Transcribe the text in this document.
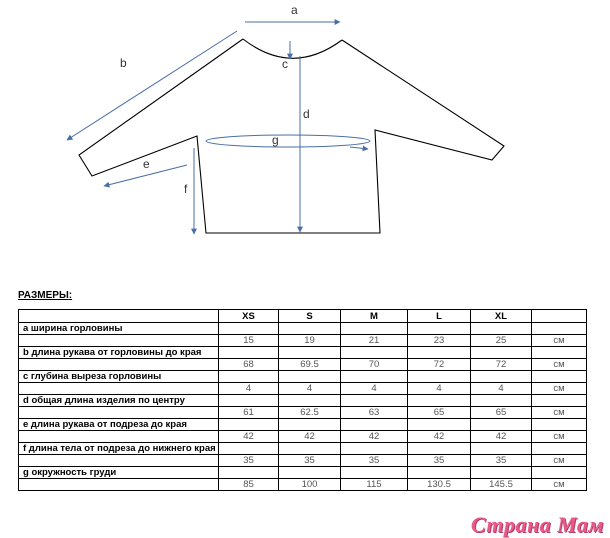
a
b	c
d
g
e
f
РАЗМЕРЫ:
	XS	S	M	L	XL	
a ширина горловины						
	15	19	21	23	25	см
b длина рукава от горловины до края						
	68	69.5	70	72	72	см
с глубина выреза горловины						
	4	4	4	4	4	см
d общая длина изделия по центру						
	61	62.5	63	65	65	см
e длина рукава от подреза до края						
	42	42	42	42	42	см
f длина тела от подреза до нижнего края						
	35	35	35	35	35	см
g окружность груди						
	85	100	115	130.5	145.5	см
Страна Мам
